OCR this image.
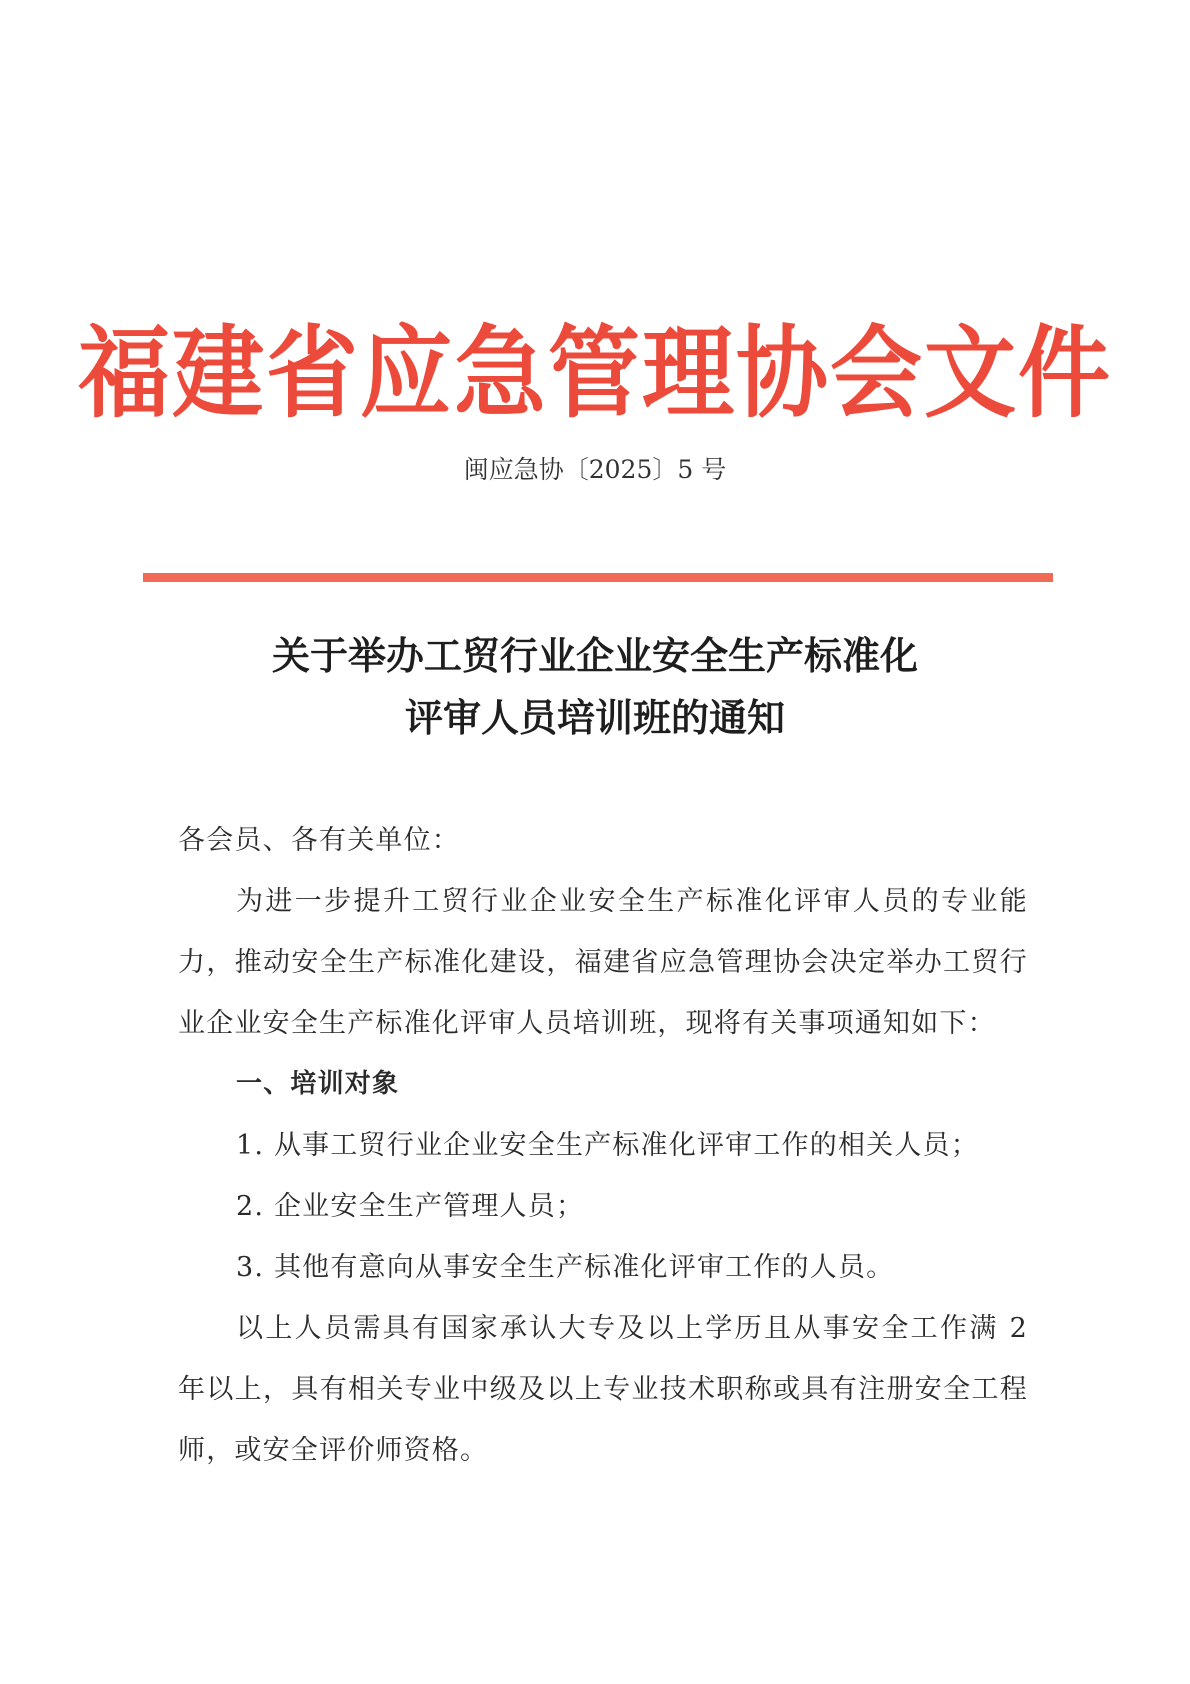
福建省应急管理协会文件
闽应急协〔2025〕5 号
关于举办工贸行业企业安全生产标准化
评审人员培训班的通知

各会员、各有关单位：

为进一步提升工贸行业企业安全生产标准化评审人员的专业能力，推动安全生产标准化建设，福建省应急管理协会决定举办工贸行业企业安全生产标准化评审人员培训班，现将有关事项通知如下：

一、培训对象

1. 从事工贸行业企业安全生产标准化评审工作的相关人员；

2. 企业安全生产管理人员；

3. 其他有意向从事安全生产标准化评审工作的人员。

以上人员需具有国家承认大专及以上学历且从事安全工作满 2 年以上，具有相关专业中级及以上专业技术职称或具有注册安全工程师，或安全评价师资格。
